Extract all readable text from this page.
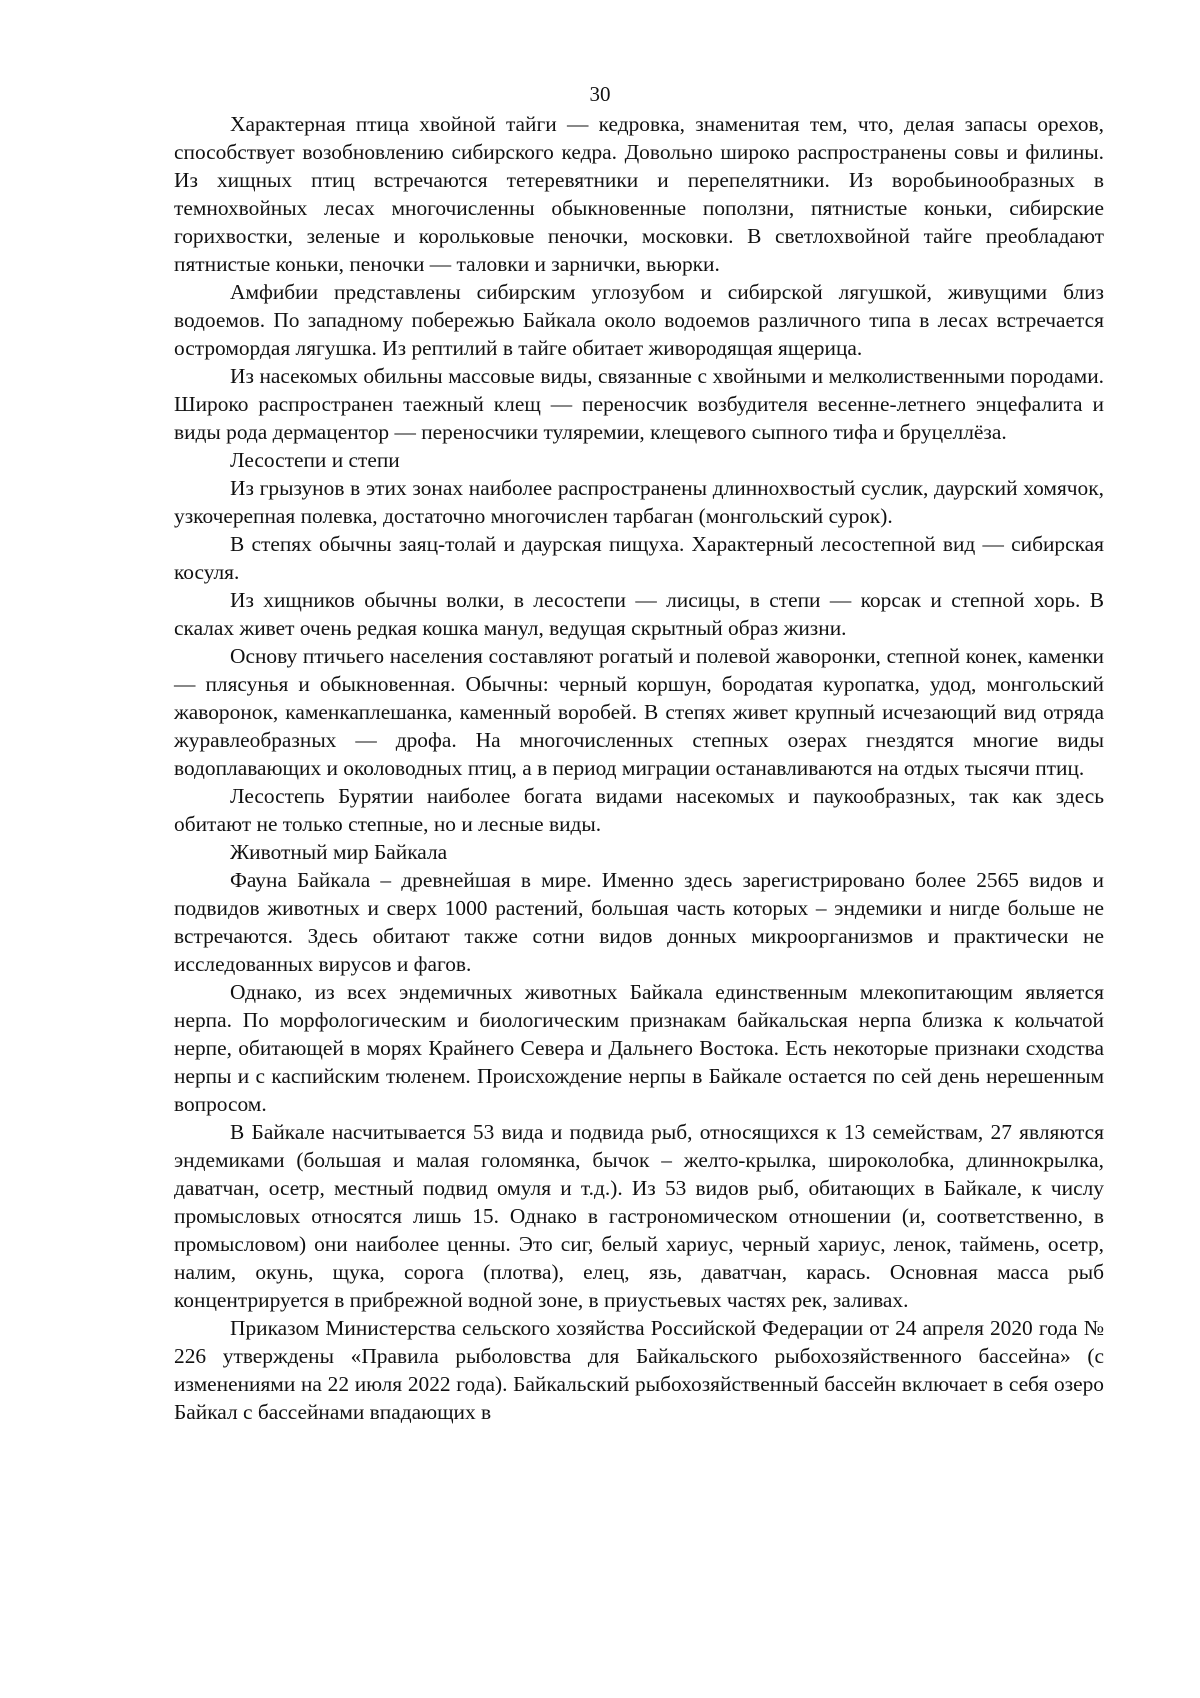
30

Характерная птица хвойной тайги — кедровка, знаменитая тем, что, делая запасы орехов, способствует возобновлению сибирского кедра. Довольно широко распространены совы и филины. Из хищных птиц встречаются тетеревятники и перепелятники. Из воробьинообразных в темнохвойных лесах многочисленны обыкновенные поползни, пятнистые коньки, сибирские горихвостки, зеленые и корольковые пеночки, московки. В светлохвойной тайге преобладают пятнистые коньки, пеночки — таловки и зарнички, вьюрки.

Амфибии представлены сибирским углозубом и сибирской лягушкой, живущими близ водоемов. По западному побережью Байкала около водоемов различного типа в лесах встречается остромордая лягушка. Из рептилий в тайге обитает живородящая ящерица.

Из насекомых обильны массовые виды, связанные с хвойными и мелколиственными породами. Широко распространен таежный клещ — переносчик возбудителя весенне-летнего энцефалита и виды рода дермацентор — переносчики туляремии, клещевого сыпного тифа и бруцеллёза.

Лесостепи и степи

Из грызунов в этих зонах наиболее распространены длиннохвостый суслик, даурский хомячок, узкочерепная полевка, достаточно многочислен тарбаган (монгольский сурок).

В степях обычны заяц-толай и даурская пищуха. Характерный лесостепной вид — сибирская косуля.

Из хищников обычны волки, в лесостепи — лисицы, в степи — корсак и степной хорь. В скалах живет очень редкая кошка манул, ведущая скрытный образ жизни.

Основу птичьего населения составляют рогатый и полевой жаворонки, степной конек, каменки — плясунья и обыкновенная. Обычны: черный коршун, бородатая куропатка, удод, монгольский жаворонок, каменкаплешанка, каменный воробей. В степях живет крупный исчезающий вид отряда журавлеобразных — дрофа. На многочисленных степных озерах гнездятся многие виды водоплавающих и околоводных птиц, а в период миграции останавливаются на отдых тысячи птиц.

Лесостепь Бурятии наиболее богата видами насекомых и паукообразных, так как здесь обитают не только степные, но и лесные виды.

Животный мир Байкала

Фауна Байкала – древнейшая в мире. Именно здесь зарегистрировано более 2565 видов и подвидов животных и сверх 1000 растений, большая часть которых – эндемики и нигде больше не встречаются. Здесь обитают также сотни видов донных микроорганизмов и практически не исследованных вирусов и фагов.

Однако, из всех эндемичных животных Байкала единственным млекопитающим является нерпа. По морфологическим и биологическим признакам байкальская нерпа близка к кольчатой нерпе, обитающей в морях Крайнего Севера и Дальнего Востока. Есть некоторые признаки сходства нерпы и с каспийским тюленем. Происхождение нерпы в Байкале остается по сей день нерешенным вопросом.

В Байкале насчитывается 53 вида и подвида рыб, относящихся к 13 семействам, 27 являются эндемиками (большая и малая голомянка, бычок – желто-крылка, широколобка, длиннокрылка, даватчан, осетр, местный подвид омуля и т.д.). Из 53 видов рыб, обитающих в Байкале, к числу промысловых относятся лишь 15. Однако в гастрономическом отношении (и, соответственно, в промысловом) они наиболее ценны. Это сиг, белый хариус, черный хариус, ленок, таймень, осетр, налим, окунь, щука, сорога (плотва), елец, язь, даватчан, карась. Основная масса рыб концентрируется в прибрежной водной зоне, в приустьевых частях рек, заливах.

Приказом Министерства сельского хозяйства Российской Федерации от 24 апреля 2020 года № 226 утверждены «Правила рыболовства для Байкальского рыбохозяйственного бассейна» (с изменениями на 22 июля 2022 года). Байкальский рыбохозяйственный бассейн включает в себя озеро Байкал с бассейнами впадающих в
